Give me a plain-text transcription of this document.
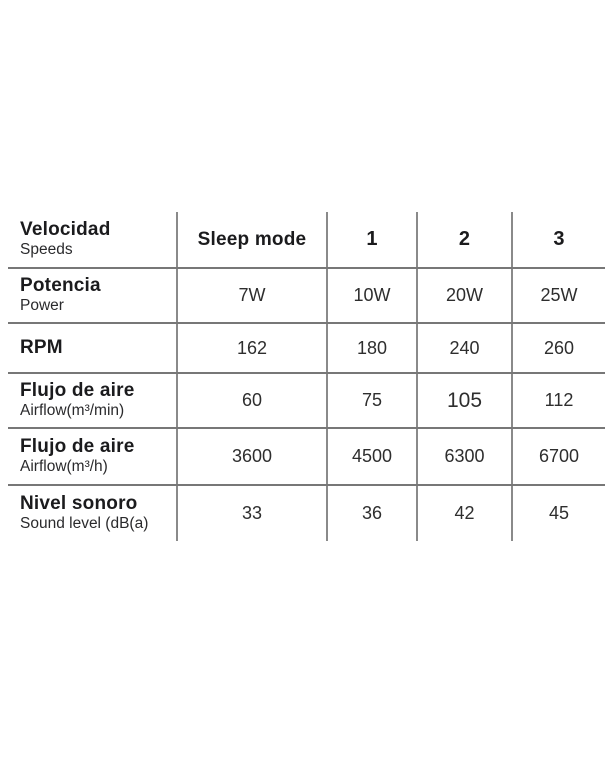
Velocidad
Speeds	Sleep mode	1	2	3

Potencia
Power	7W	10W	20W	25W

RPM	162	180	240	260

Flujo de aire
Airflow(m³/min)	60	75	105	112

Flujo de aire
Airflow(m³/h)	3600	4500	6300	6700

Nivel sonoro
Sound level (dB(a)	33	36	42	45
